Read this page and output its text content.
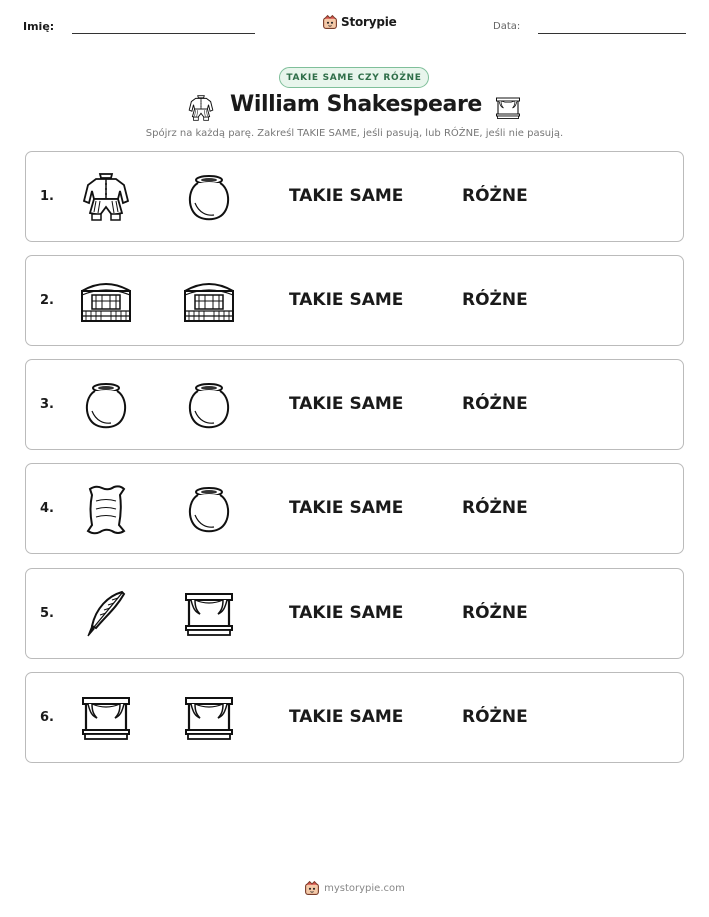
Imię:	Storypie	Data:
TAKIE SAME CZY RÓŻNE
William Shakespeare
Spójrz na każdą parę. Zakreśl TAKIE SAME, jeśli pasują, lub RÓŻNE, jeśli nie pasują.
1.	TAKIE SAME	RÓŻNE
2.	TAKIE SAME	RÓŻNE
3.	TAKIE SAME	RÓŻNE
4.	TAKIE SAME	RÓŻNE
5.	TAKIE SAME	RÓŻNE
6.	TAKIE SAME	RÓŻNE
mystorypie.com
